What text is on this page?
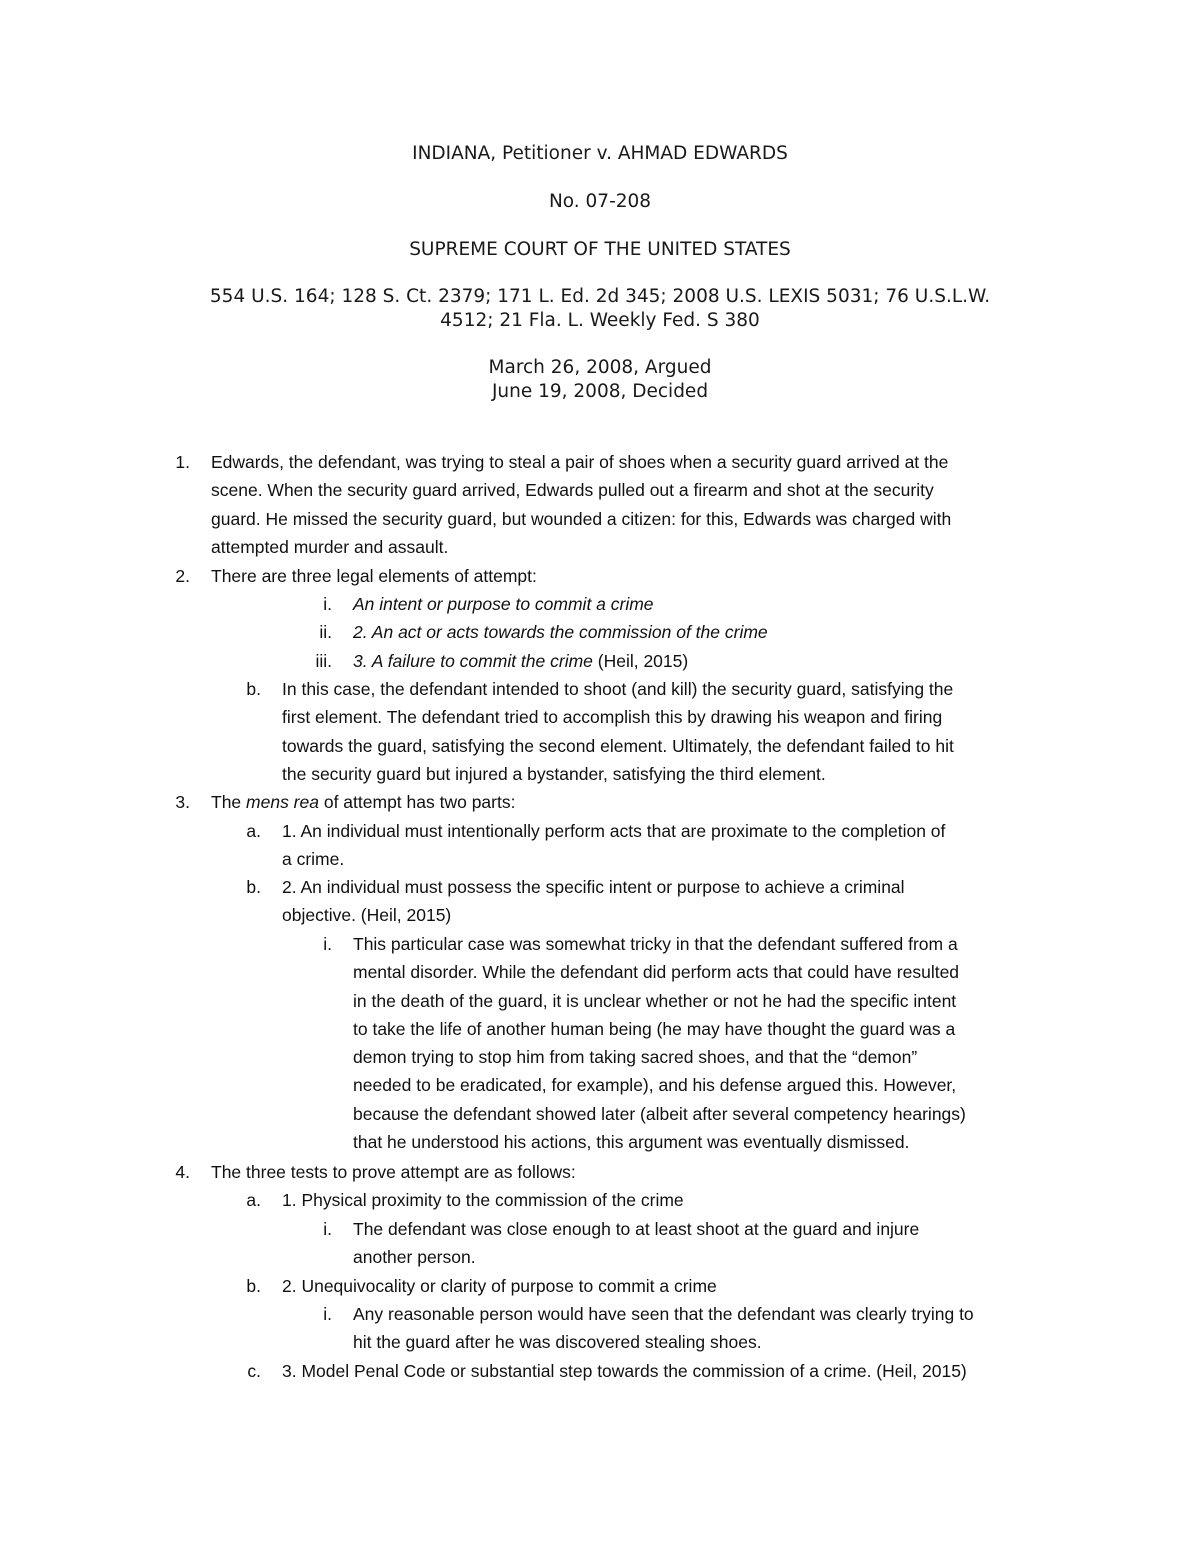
INDIANA, Petitioner v. AHMAD EDWARDS
No. 07-208
SUPREME COURT OF THE UNITED STATES
554 U.S. 164; 128 S. Ct. 2379; 171 L. Ed. 2d 345; 2008 U.S. LEXIS 5031; 76 U.S.L.W.
4512; 21 Fla. L. Weekly Fed. S 380
March 26, 2008, Argued
June 19, 2008, Decided
1. Edwards, the defendant, was trying to steal a pair of shoes when a security guard arrived at the
scene. When the security guard arrived, Edwards pulled out a firearm and shot at the security
guard. He missed the security guard, but wounded a citizen: for this, Edwards was charged with
attempted murder and assault.
2. There are three legal elements of attempt:
i. An intent or purpose to commit a crime
ii. 2. An act or acts towards the commission of the crime
iii. 3. A failure to commit the crime (Heil, 2015)
b. In this case, the defendant intended to shoot (and kill) the security guard, satisfying the
first element. The defendant tried to accomplish this by drawing his weapon and firing
towards the guard, satisfying the second element. Ultimately, the defendant failed to hit
the security guard but injured a bystander, satisfying the third element.
3. The mens rea of attempt has two parts:
a. 1. An individual must intentionally perform acts that are proximate to the completion of
a crime.
b. 2. An individual must possess the specific intent or purpose to achieve a criminal
objective. (Heil, 2015)
i. This particular case was somewhat tricky in that the defendant suffered from a
mental disorder. While the defendant did perform acts that could have resulted
in the death of the guard, it is unclear whether or not he had the specific intent
to take the life of another human being (he may have thought the guard was a
demon trying to stop him from taking sacred shoes, and that the “demon”
needed to be eradicated, for example), and his defense argued this. However,
because the defendant showed later (albeit after several competency hearings)
that he understood his actions, this argument was eventually dismissed.
4. The three tests to prove attempt are as follows:
a. 1. Physical proximity to the commission of the crime
i. The defendant was close enough to at least shoot at the guard and injure
another person.
b. 2. Unequivocality or clarity of purpose to commit a crime
i. Any reasonable person would have seen that the defendant was clearly trying to
hit the guard after he was discovered stealing shoes.
c. 3. Model Penal Code or substantial step towards the commission of a crime. (Heil, 2015)
